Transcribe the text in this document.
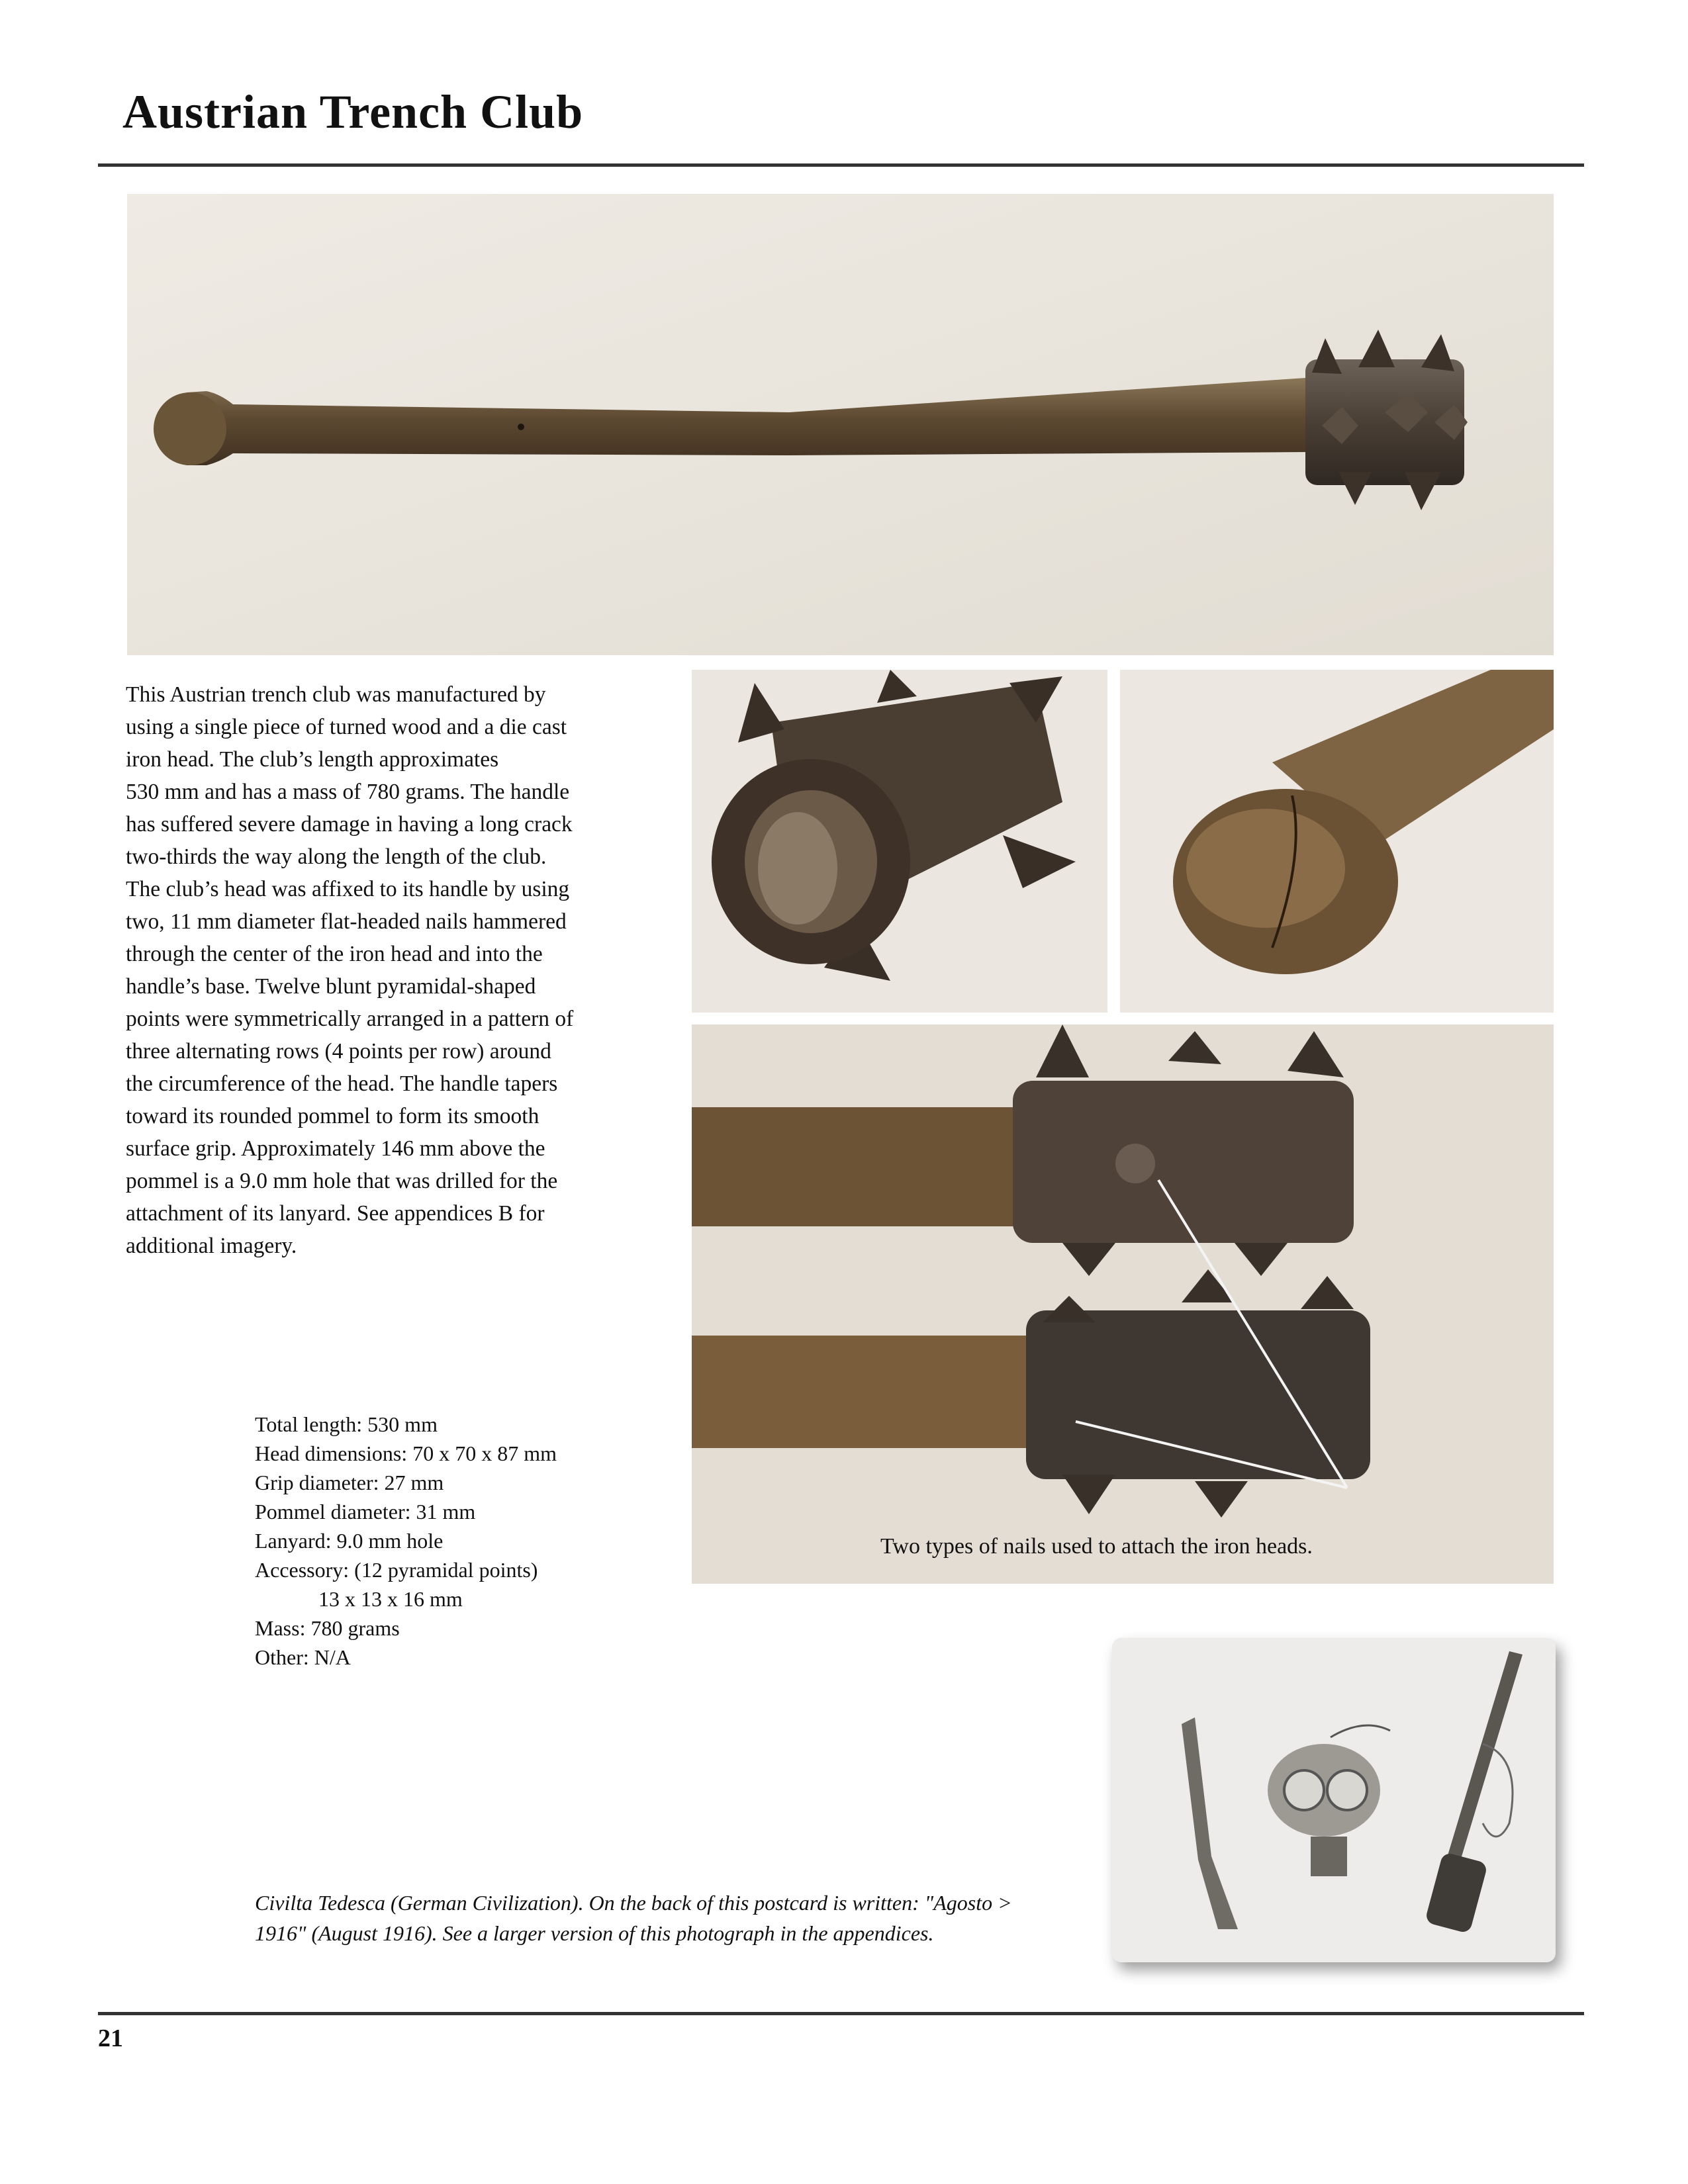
Austrian Trench Club
This Austrian trench club was manufactured by
using a single piece of turned wood and a die cast
iron head. The club’s length approximates
530 mm and has a mass of 780 grams. The handle
has suffered severe damage in having a long crack
two-thirds the way along the length of the club.
The club’s head was affixed to its handle by using
two, 11 mm diameter flat-headed nails hammered
through the center of the iron head and into the
handle’s base. Twelve blunt pyramidal-shaped
points were symmetrically arranged in a pattern of
three alternating rows (4 points per row) around
the circumference of the head. The handle tapers
toward its rounded pommel to form its smooth
surface grip. Approximately 146 mm above the
pommel is a 9.0 mm hole that was drilled for the
attachment of its lanyard. See appendices B for
additional imagery.
Two types of nails used to attach the iron heads.
Total length: 530 mm
Head dimensions: 70 x 70 x 87 mm
Grip diameter: 27 mm
Pommel diameter: 31 mm
Lanyard: 9.0 mm hole
Accessory: (12 pyramidal points)
13 x 13 x 16 mm
Mass: 780 grams
Other: N/A
Civilta Tedesca (German Civilization). On the back of this postcard is written: "Agosto >
1916" (August 1916). See a larger version of this photograph in the appendices.
21
